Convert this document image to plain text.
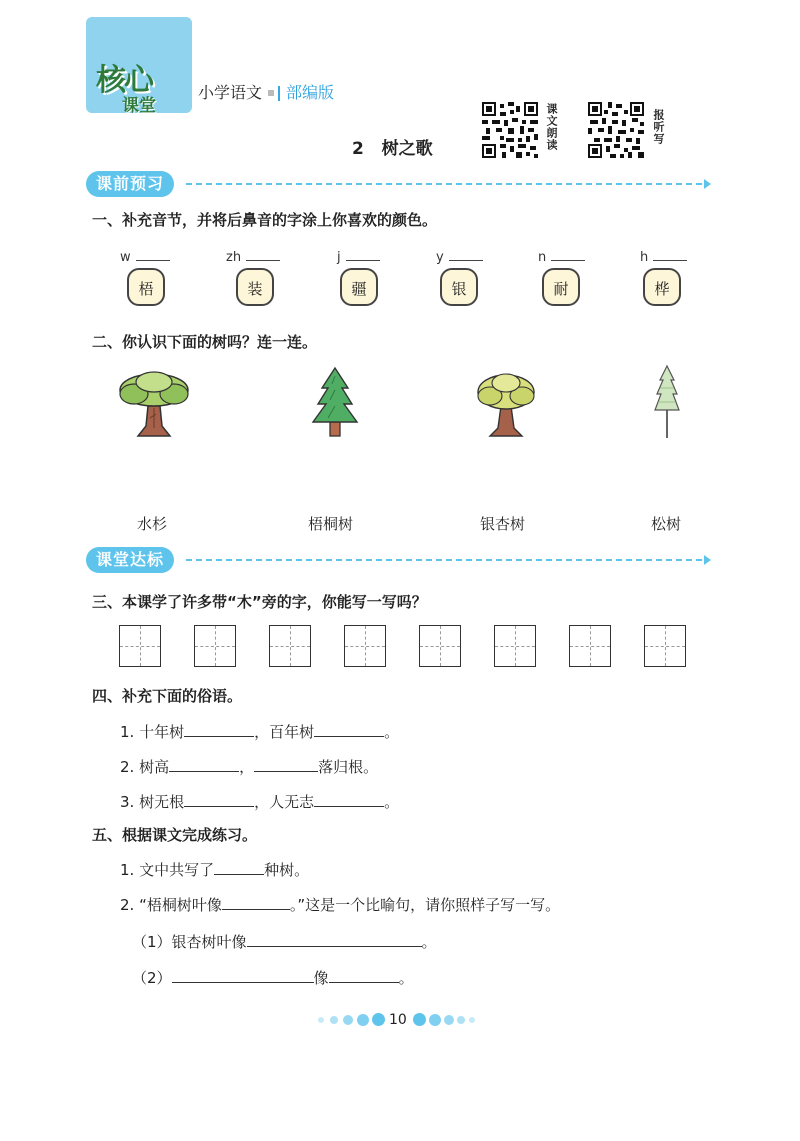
核心
课堂
小学语文 部编版
2 树之歌	课文朗读	报听写
课前预习
一、补充音节，并将后鼻音的字涂上你喜欢的颜色。
w
梧
zh
装
j
疆
y
银
n
耐
h
桦
二、你认识下面的树吗？连一连。
水杉	梧桐树	银杏树	松树
课堂达标
三、本课学了许多带“木”旁的字，你能写一写吗？
四、补充下面的俗语。
1. 十年树	，百年树	。
2. 树高	，	落归根。
3. 树无根	，人无志	。
五、根据课文完成练习。
1. 文中共写了	种树。
2. “梧桐树叶像	。”这是一个比喻句，请你照样子写一写。
（1）银杏树叶像	。
（2）	像	。
10
